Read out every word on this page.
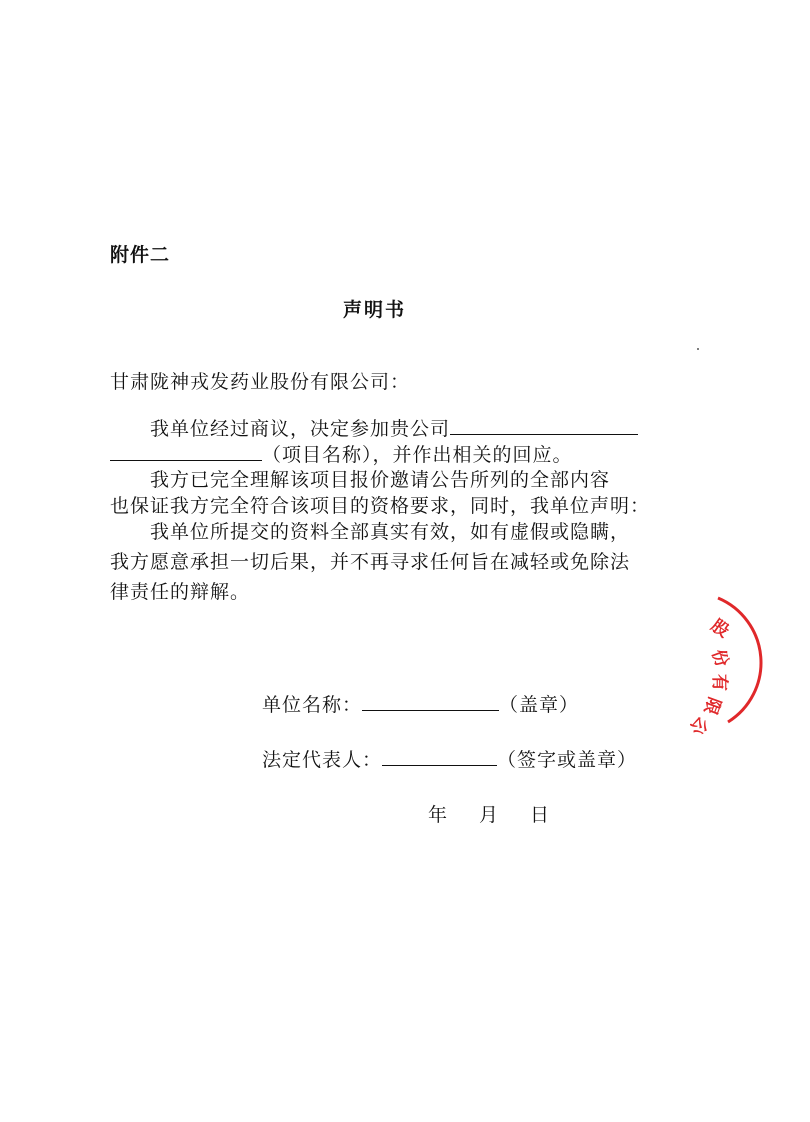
附件二
声明书
甘肃陇神戎发药业股份有限公司：
我单位经过商议，决定参加贵公司
（项目名称），并作出相关的回应。
我方已完全理解该项目报价邀请公告所列的全部内容
也保证我方完全符合该项目的资格要求，同时，我单位声明：
我单位所提交的资料全部真实有效，如有虚假或隐瞒，
我方愿意承担一切后果，并不再寻求任何旨在减轻或免除法
律责任的辩解。
单位名称：	（盖章）
法定代表人：	（签字或盖章）
年 月 日
股
份
有
限
公
